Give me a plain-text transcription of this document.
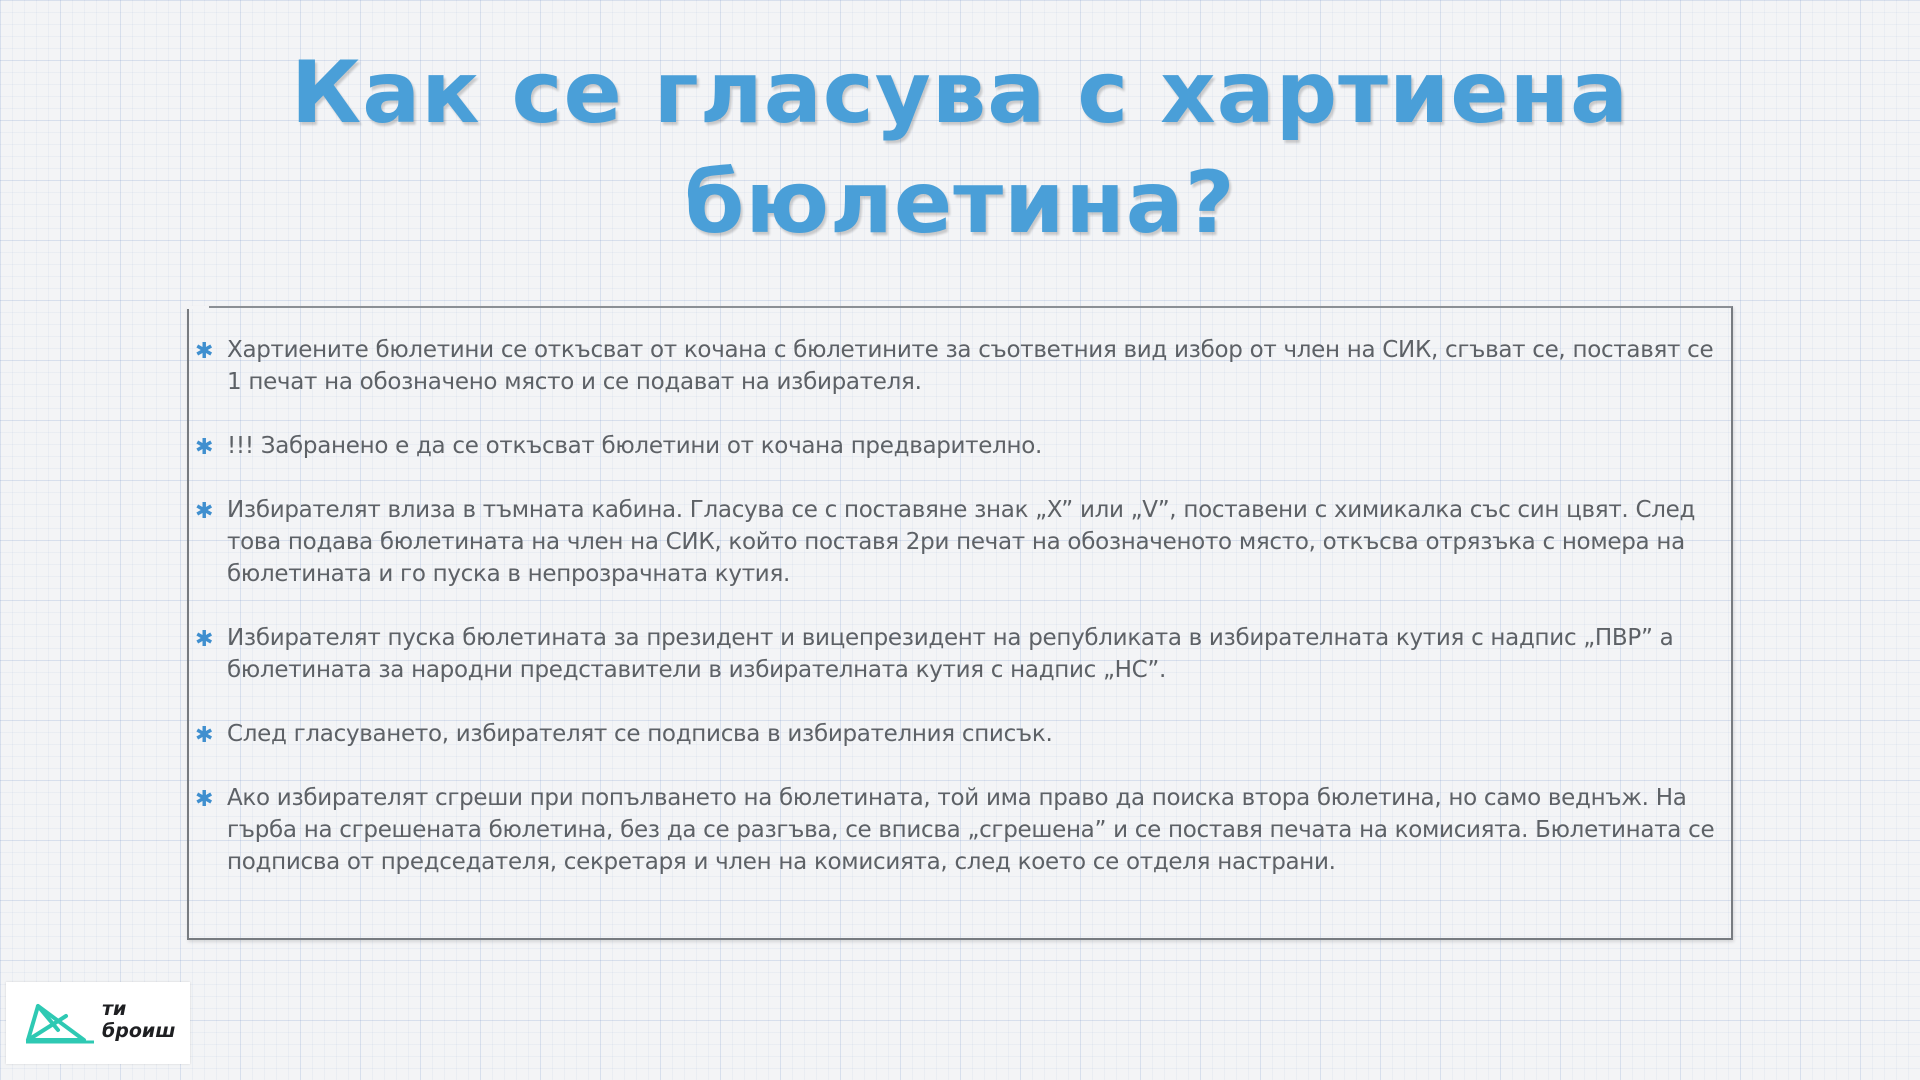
Как се гласува с хартиена бюлетина?
✱ Хартиените бюлетини се откъсват от кочана с бюлетините за съответния вид избор от член на СИК, сгъват се, поставят се 1 печат на обозначено място и се подават на избирателя.
✱ !!! Забранено е да се откъсват бюлетини от кочана предварително.
✱ Избирателят влиза в тъмната кабина. Гласува се с поставяне знак „X” или „V”, поставени с химикалка със син цвят. След това подава бюлетината на член на СИК, който поставя 2ри печат на обозначеното място, откъсва отрязъка с номера на бюлетината и го пуска в непрозрачната кутия.
✱ Избирателят пуска бюлетината за президент и вицепрезидент на републиката в избирателната кутия с надпис „ПВР” а бюлетината за народни представители в избирателната кутия с надпис „НС”.
✱ След гласуването, избирателят се подписва в избирателния списък.
✱ Ако избирателят сгреши при попълването на бюлетината, той има право да поиска втора бюлетина, но само веднъж. На гърба на сгрешената бюлетина, без да се разгъва, се вписва „сгрешена” и се поставя печата на комисията. Бюлетината се подписва от председателя, секретаря и член на комисията, след което се отделя настрани.
ти
броиш
